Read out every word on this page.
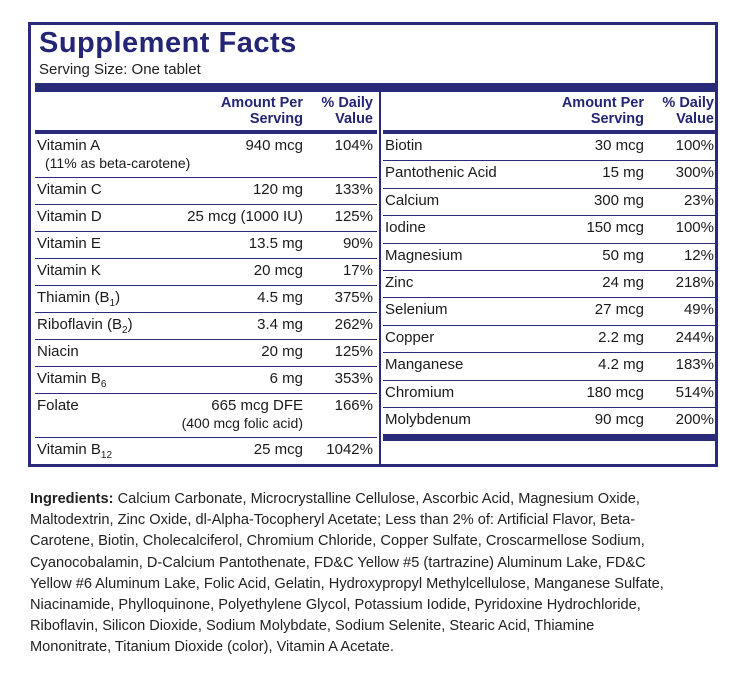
Supplement Facts
Serving Size: One tablet
Amount Per
Serving
% Daily
Value
Vitamin A
(11% as beta-carotene)
940 mcg 104%
Vitamin C	120 mg 133%
Vitamin D	25 mcg (1000 IU) 125%
Vitamin E	13.5 mg	90%
Vitamin K	20 mcg	17%
Thiamin $(B_1)$	4.5 mg 375%
Riboflavin $(B_2)$	3.4 mg 262%
Niacin	20 mg 125%
Vitamin $B_6$	6 mg 353%
Folate	665 mcg DFE
(400 mcg folic acid)
166%
Vitamin $B_{12}$	25 mcg 1042%
Amount Per
Serving
% Daily
Value
Biotin	30 mcg 100%
Pantothenic Acid	15 mg 300%
Calcium	300 mg	23%
Iodine	150 mcg 100%
Magnesium	50 mg	12%
Zinc	24 mg 218%
Selenium	27 mcg	49%
Copper	2.2 mg 244%
Manganese	4.2 mg 183%
Chromium	180 mcg 514%
Molybdenum	90 mcg 200%
Ingredients: Calcium Carbonate, Microcrystalline Cellulose, Ascorbic Acid, Magnesium Oxide, Maltodextrin, Zinc Oxide, dl-Alpha-Tocopheryl Acetate; Less than 2% of: Artificial Flavor, Beta-Carotene, Biotin, Cholecalciferol, Chromium Chloride, Copper Sulfate, Croscarmellose Sodium, Cyanocobalamin, D-Calcium Pantothenate, FD&C Yellow #5 (tartrazine) Aluminum Lake, FD&C Yellow #6 Aluminum Lake, Folic Acid, Gelatin, Hydroxypropyl Methylcellulose, Manganese Sulfate, Niacinamide, Phylloquinone, Polyethylene Glycol, Potassium Iodide, Pyridoxine Hydrochloride, Riboflavin, Silicon Dioxide, Sodium Molybdate, Sodium Selenite, Stearic Acid, Thiamine Mononitrate, Titanium Dioxide (color), Vitamin A Acetate.
